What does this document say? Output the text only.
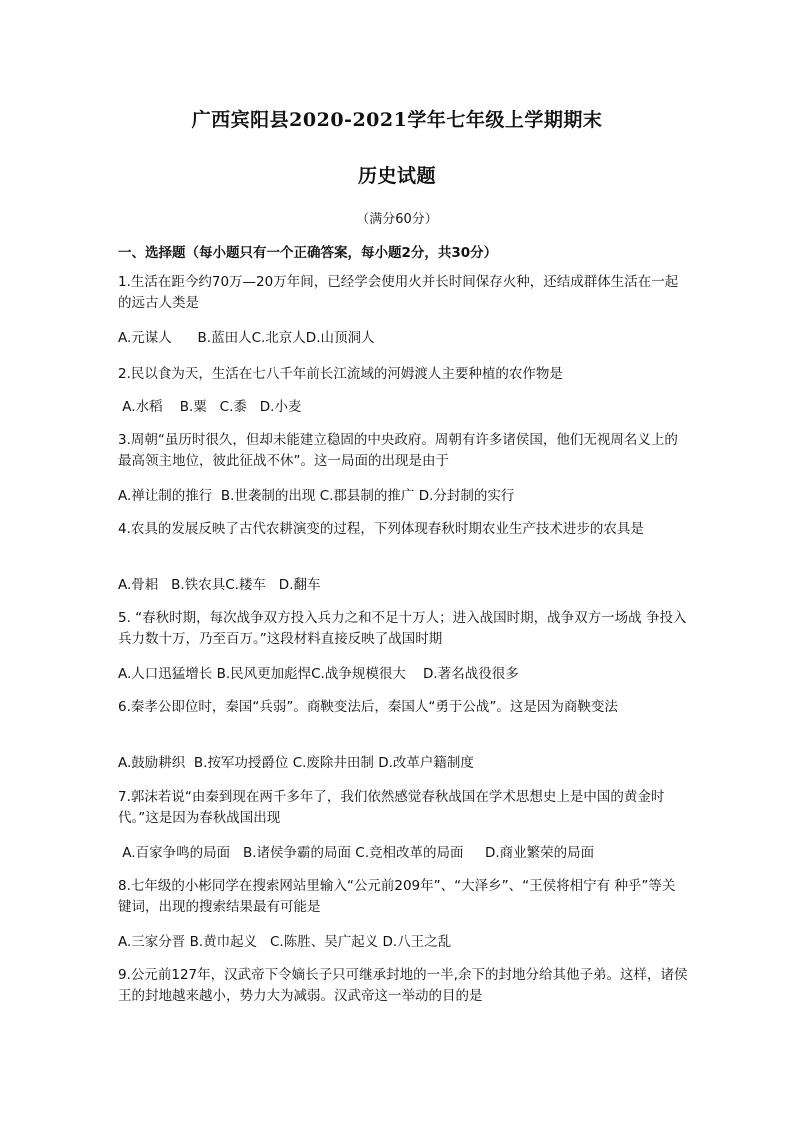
广西宾阳县2020-2021学年七年级上学期期末
历史试题
（满分60分）
一、选择题（每小题只有一个正确答案，每小题2分，共30分）
1.生活在距今约70万—20万年间，已经学会使用火并长时间保存火种，还结成群体生活在一起的远古人类是
A.元谋人      B.蓝田人C.北京人D.山顶洞人
2.民以食为天，生活在七八千年前长江流域的河姆渡人主要种植的农作物是
A.水稻    B.粟   C.黍   D.小麦
3.周朝“虽历时很久，但却未能建立稳固的中央政府。周朝有许多诸侯国，他们无视周名义上的最高领主地位，彼此征战不休”。这一局面的出现是由于
A.禅让制的推行  B.世袭制的出现 C.郡县制的推广 D.分封制的实行
4.农具的发展反映了古代农耕演变的过程，下列体现春秋时期农业生产技术进步的农具是
A.骨耜   B.铁农具C.耧车   D.翻车
5. “春秋时期，每次战争双方投入兵力之和不足十万人；进入战国时期，战争双方一场战 争投入兵力数十万，乃至百万。”这段材料直接反映了战国时期
A.人口迅猛增长 B.民风更加彪悍C.战争规模很大    D.著名战役很多
6.秦孝公即位时，秦国“兵弱”。商鞅变法后，秦国人“勇于公战”。这是因为商鞅变法
A.鼓励耕织  B.按军功授爵位 C.废除井田制 D.改革户籍制度
7.郭沫若说“由秦到现在两千多年了，我们依然感觉春秋战国在学术思想史上是中国的黄金时代。”这是因为春秋战国出现
A.百家争鸣的局面   B.诸侯争霸的局面 C.竞相改革的局面     D.商业繁荣的局面
8.七年级的小彬同学在搜索网站里输入“公元前209年”、“大泽乡”、“王侯将相宁有 种乎”等关键词，出现的搜索结果最有可能是
A.三家分晋 B.黄巾起义   C.陈胜、吴广起义 D.八王之乱
9.公元前127年，汉武帝下令嫡长子只可继承封地的一半,余下的封地分给其他子弟。这样，诸侯王的封地越来越小，势力大为减弱。汉武帝这一举动的目的是
